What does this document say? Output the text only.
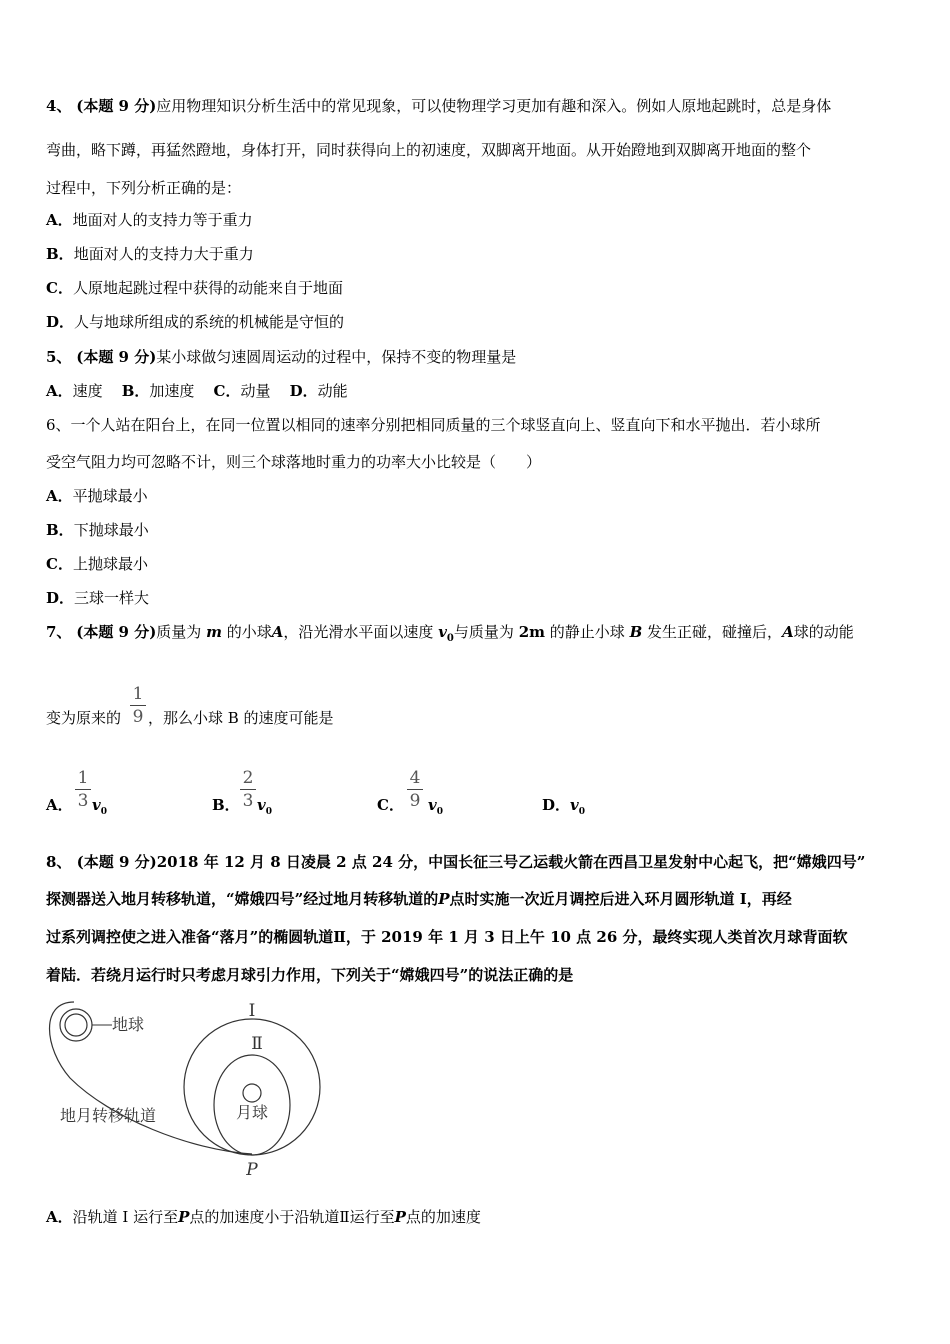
4、 (本题 9 分)应用物理知识分析生活中的常见现象，可以使物理学习更加有趣和深入。例如人原地起跳时，总是身体
弯曲，略下蹲，再猛然蹬地，身体打开，同时获得向上的初速度，双脚离开地面。从开始蹬地到双脚离开地面的整个
过程中，下列分析正确的是：
A．地面对人的支持力等于重力
B．地面对人的支持力大于重力
C．人原地起跳过程中获得的动能来自于地面
D．人与地球所组成的系统的机械能是守恒的
5、 (本题 9 分)某小球做匀速圆周运动的过程中，保持不变的物理量是
A．速度 B．加速度 C．动量 D．动能
6、一个人站在阳台上，在同一位置以相同的速率分别把相同质量的三个球竖直向上、竖直向下和水平抛出．若小球所
受空气阻力均可忽略不计，则三个球落地时重力的功率大小比较是（　　）
A．平抛球最小
B．下抛球最小
C．上抛球最小
D．三球一样大
7、 (本题 9 分)质量为 m 的小球A，沿光滑水平面以速度 $v_0$与质量为 2m 的静止小球 B 发生正碰，碰撞后，A球的动能
变为原来的
1
9 ，那么小球 B 的速度可能是
A．
1
3 $v_0$	B．
2
3 $v_0$	C．
4
9 $v_0$	D． $v_0$
8、 (本题 9 分)2018 年 12 月 8 日凌晨 2 点 24 分，中国长征三号乙运载火箭在西昌卫星发射中心起飞，把“嫦娥四号”
探测器送入地月转移轨道，“嫦娥四号”经过地月转移轨道的P点时实施一次近月调控后进入环月圆形轨道 I，再经
过系列调控使之进入准备“落月”的椭圆轨道Ⅱ，于 2019 年 1 月 3 日上午 10 点 26 分，最终实现人类首次月球背面软
着陆．若绕月运行时只考虑月球引力作用，下列关于“嫦娥四号”的说法正确的是
地球
I
Ⅱ
月球
地月转移轨道
P
A．沿轨道 I 运行至P点的加速度小于沿轨道Ⅱ运行至P点的加速度
